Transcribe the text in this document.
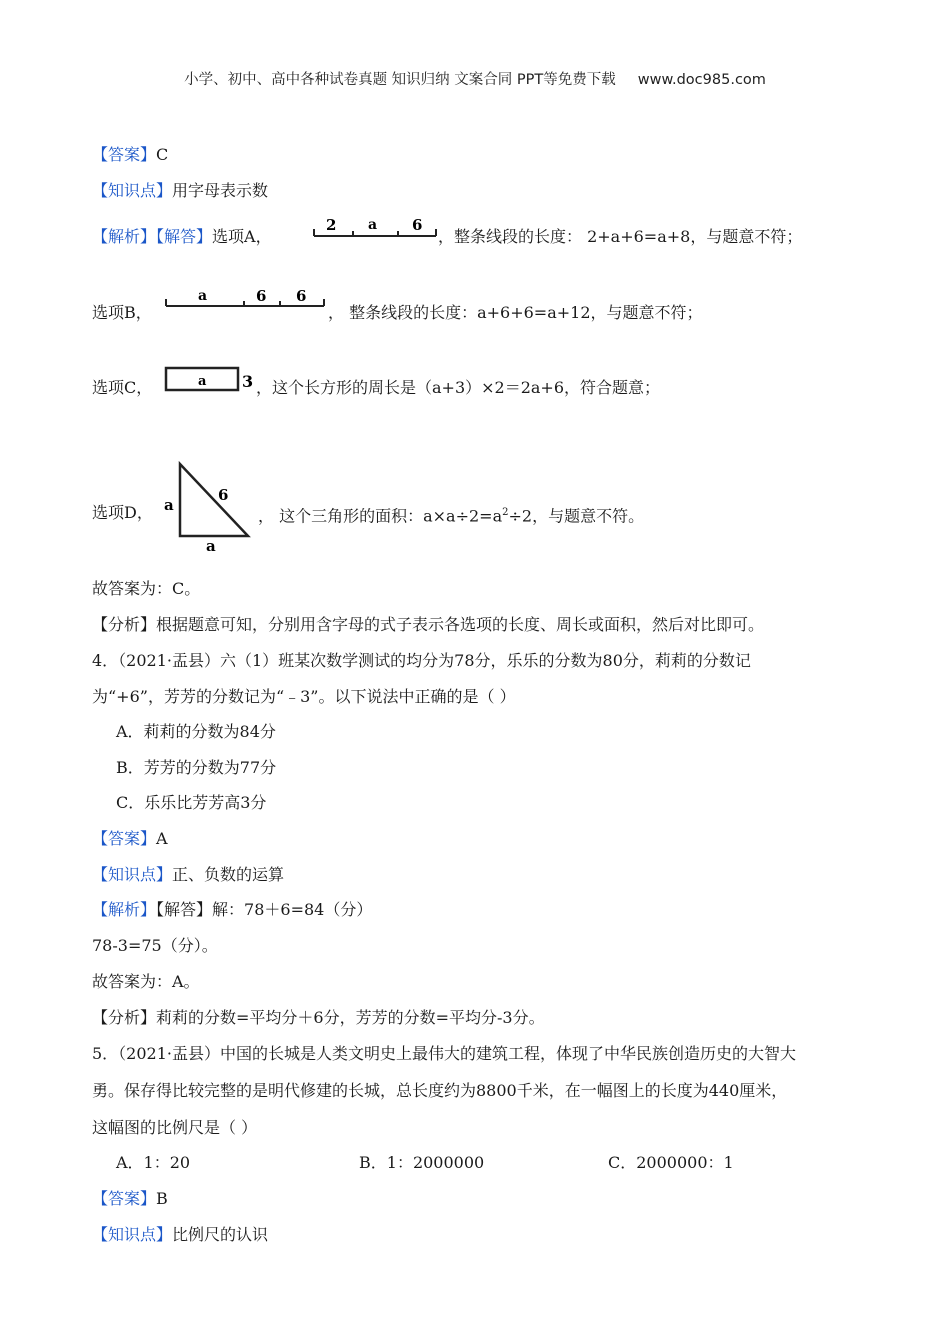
小学、初中、高中各种试卷真题 知识归纳 文案合同 PPT等免费下载 www.doc985.com
【答案】C
【知识点】用字母表示数
【解析】【解答】选项A，
2 a 6
，整条线段的长度： 2+a+6=a+8，与题意不符；
选项B，
a	6 6
， 整条线段的长度：a+6+6=a+12，与题意不符；
选项C，	a 3 ，这个长方形的周长是（a+3）×2＝2a+6，符合题意；
选项D， a
6
a
， 这个三角形的面积：$a\times a\div 2=a^2\div 2$，与题意不符。
故答案为：C。
【分析】根据题意可知，分别用含字母的式子表示各选项的长度、周长或面积，然后对比即可。
4．（2021·盂县）六（1）班某次数学测试的均分为78分，乐乐的分数为80分，莉莉的分数记
为“+6”，芳芳的分数记为“﹣3”。以下说法中正确的是（ ）
A．莉莉的分数为84分
B．芳芳的分数为77分
C．乐乐比芳芳高3分
【答案】A
【知识点】正、负数的运算
【解析】【解答】解：78＋6=84（分）
78-3=75（分）。
故答案为：A。
【分析】莉莉的分数=平均分＋6分，芳芳的分数=平均分-3分。
5．（2021·盂县）中国的长城是人类文明史上最伟大的建筑工程，体现了中华民族创造历史的大智大
勇。保存得比较完整的是明代修建的长城，总长度约为8800千米，在一幅图上的长度为440厘米，
这幅图的比例尺是（ ）
A．1：20	B．1：2000000	C．2000000：1
【答案】B
【知识点】比例尺的认识
